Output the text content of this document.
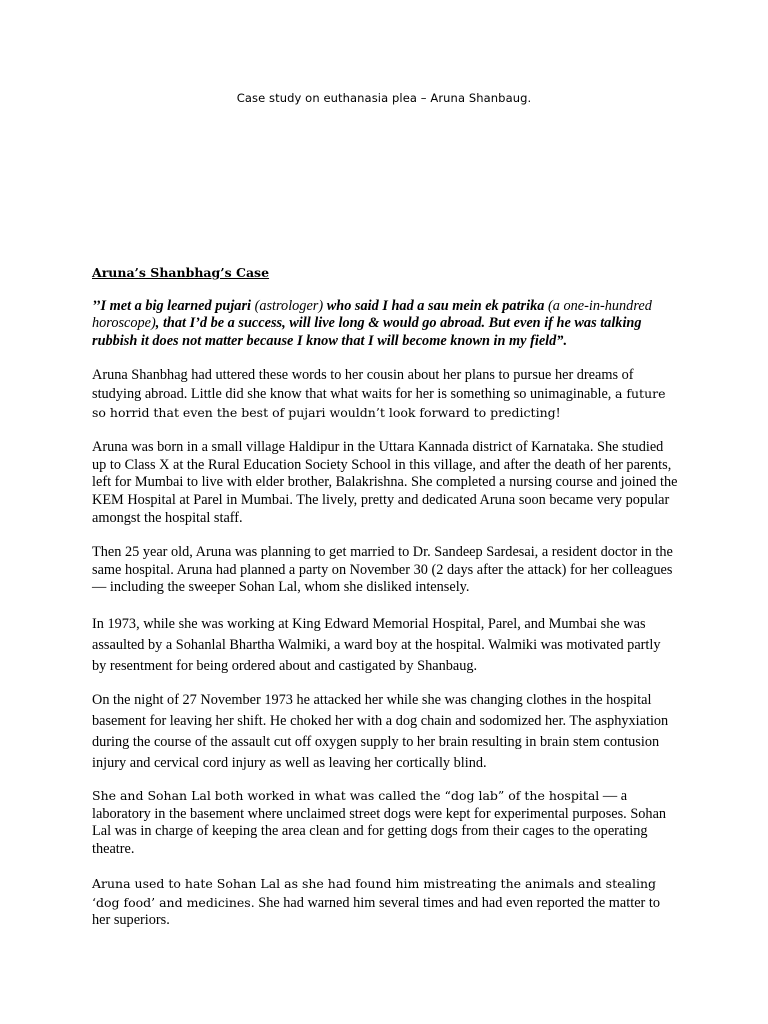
Case study on euthanasia plea – Aruna Shanbaug.
Aruna’s Shanbhag’s Case

’’I met a big learned pujari (astrologer) who said I had a sau mein ek patrika (a one-in-hundred horoscope), that I’d be a success, will live long & would go abroad. But even if he was talking rubbish it does not matter because I know that I will become known in my field”.

Aruna Shanbhag had uttered these words to her cousin about her plans to pursue her dreams of studying abroad. Little did she know that what waits for her is something so unimaginable, a future so horrid that even the best of pujari wouldn’t look forward to predicting!

Aruna was born in a small village Haldipur in the Uttara Kannada district of Karnataka. She studied up to Class X at the Rural Education Society School in this village, and after the death of her parents, left for Mumbai to live with elder brother, Balakrishna. She completed a nursing course and joined the KEM Hospital at Parel in Mumbai. The lively, pretty and dedicated Aruna soon became very popular amongst the hospital staff.

Then 25 year old, Aruna was planning to get married to Dr. Sandeep Sardesai, a resident doctor in the same hospital. Aruna had planned a party on November 30 (2 days after the attack) for her colleagues — including the sweeper Sohan Lal, whom she disliked intensely.

In 1973, while she was working at King Edward Memorial Hospital, Parel, and Mumbai she was assaulted by a Sohanlal Bhartha Walmiki, a ward boy at the hospital. Walmiki was motivated partly by resentment for being ordered about and castigated by Shanbaug.

On the night of 27 November 1973 he attacked her while she was changing clothes in the hospital basement for leaving her shift. He choked her with a dog chain and sodomized her. The asphyxiation during the course of the assault cut off oxygen supply to her brain resulting in brain stem contusion injury and cervical cord injury as well as leaving her cortically blind.

She and Sohan Lal both worked in what was called the “dog lab” of the hospital — a laboratory in the basement where unclaimed street dogs were kept for experimental purposes. Sohan Lal was in charge of keeping the area clean and for getting dogs from their cages to the operating theatre.

Aruna used to hate Sohan Lal as she had found him mistreating the animals and stealing ‘dog food’ and medicines. She had warned him several times and had even reported the matter to her superiors.
